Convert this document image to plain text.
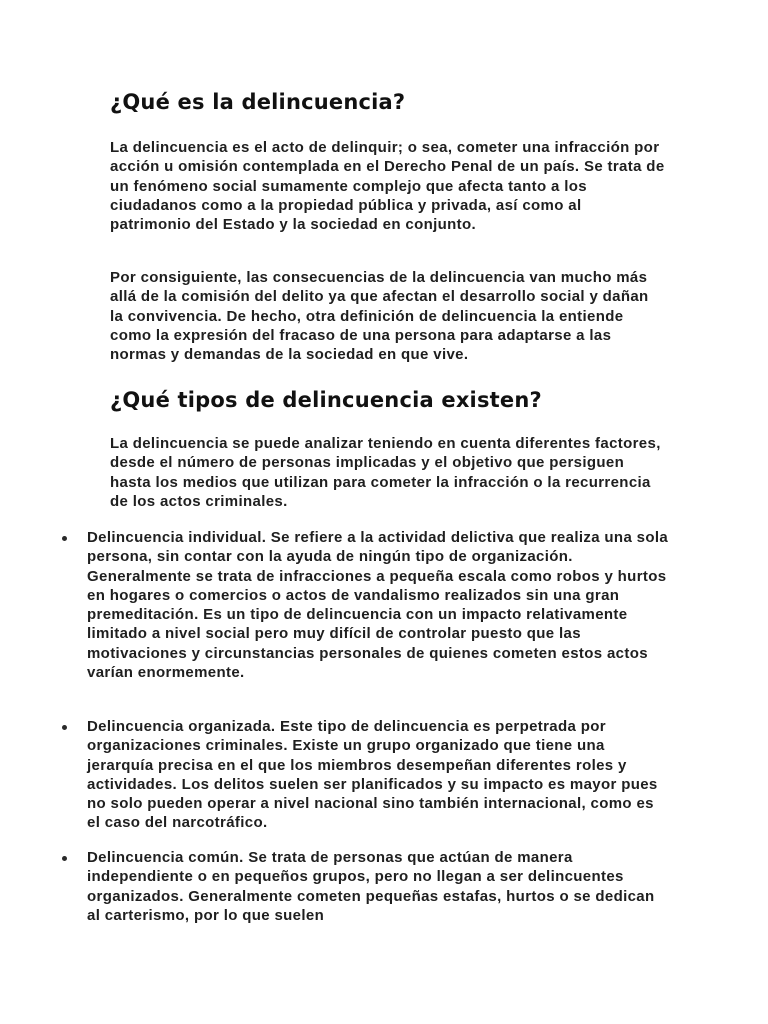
¿Qué es la delincuencia?

La delincuencia es el acto de delinquir; o sea, cometer una infracción por acción u omisión contemplada en el Derecho Penal de un país. Se trata de un fenómeno social sumamente complejo que afecta tanto a los ciudadanos como a la propiedad pública y privada, así como al patrimonio del Estado y la sociedad en conjunto.

Por consiguiente, las consecuencias de la delincuencia van mucho más allá de la comisión del delito ya que afectan el desarrollo social y dañan la convivencia. De hecho, otra definición de delincuencia la entiende como la expresión del fracaso de una persona para adaptarse a las normas y demandas de la sociedad en que vive.

¿Qué tipos de delincuencia existen?

La delincuencia se puede analizar teniendo en cuenta diferentes factores, desde el número de personas implicadas y el objetivo que persiguen hasta los medios que utilizan para cometer la infracción o la recurrencia de los actos criminales.

Delincuencia individual. Se refiere a la actividad delictiva que realiza una sola persona, sin contar con la ayuda de ningún tipo de organización. Generalmente se trata de infracciones a pequeña escala como robos y hurtos en hogares o comercios o actos de vandalismo realizados sin una gran premeditación. Es un tipo de delincuencia con un impacto relativamente limitado a nivel social pero muy difícil de controlar puesto que las motivaciones y circunstancias personales de quienes cometen estos actos varían enormemente.

Delincuencia organizada. Este tipo de delincuencia es perpetrada por organizaciones criminales. Existe un grupo organizado que tiene una jerarquía precisa en el que los miembros desempeñan diferentes roles y actividades. Los delitos suelen ser planificados y su impacto es mayor pues no solo pueden operar a nivel nacional sino también internacional, como es el caso del narcotráfico.

Delincuencia común. Se trata de personas que actúan de manera independiente o en pequeños grupos, pero no llegan a ser delincuentes organizados. Generalmente cometen pequeñas estafas, hurtos o se dedican al carterismo, por lo que suelen
